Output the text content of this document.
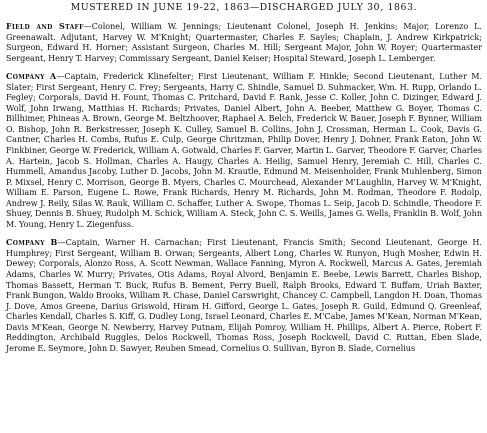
MUSTERED IN JUNE 19-22, 1863—DISCHARGED JULY 30, 1863.

Field and Staff—Colonel, William W. Jennings; Lieutenant Colonel, Joseph H. Jenkins; Major, Lorenzo L. Greenawalt. Adjutant, Harvey W. M'Knight; Quartermaster, Charles F. Sayles; Chaplain, J. Andrew Kirkpatrick; Surgeon, Edward H. Horner; Assistant Surgeon, Charles M. Hill; Sergeant Major, John W. Royer; Quartermaster Sergeant, Henry T. Harvey; Commissary Sergeant, Daniel Keiser; Hospital Steward, Joseph L. Lemberger.

Company A—Captain, Frederick Klinefelter; First Lieutenant, William F. Hinkle; Second Lieutenant, Luther M. Slater; First Sergeant, Henry C. Frey; Sergeants, Harry C. Shindle, Samuel D. Suhmacker, Wm. H. Rupp, Orlando L. Fegley; Corporals, David H. Fount, Thomas C. Pritchard, David F. Rank, Jesse C. Koller, John C. Dizinger, Edward J. Wolf, John Irwang, Matthias H. Richards; Privates, Daniel Albert, John A. Beeber, Matthew G. Boyer, Thomas C. Billhimer, Phineas A. Brown, George M. Beltzhoover, Raphael A. Belch, Frederick W. Bauer, Joseph F. Bynner, William O. Bishop, John R. Berkstresser, Joseph K. Culley, Samuel B. Collins, John J. Crossman, Herman L. Cook, Davis G. Cantner, Charles H. Combs, Rufus E. Culp, George Chritzman, Philip Dover, Henry J. Dohner, Frank Eaton, John W. Finkbiner, George W. Frederick, William A. Gotwald, Charles F. Garver, Martin L. Garver, Theodore F. Garver, Charles A. Hartein, Jacob S. Hollman, Charles A. Haugy, Charles A. Heilig, Samuel Henry, Jeremiah C. Hill, Charles C. Hummell, Amandus Jacoby, Luther D. Jacobs, John M. Krautle, Edmund M. Meisenholder, Frank Muhlenberg, Simon P. Mixsel, Henry C. Morrison, George B. Myers, Charles C. Mourchead, Alexander M'Laughlin, Harvey W. M'Knight, William E. Parson, Eugene L. Rowe, Frank Richards, Henry M. Richards, John M. Rodman, Theodore F. Rodolp, Andrew J. Reily, Silas W. Rauk, William C. Schaffer, Luther A. Swope, Thomas L. Seip, Jacob D. Schindle, Theodore F. Shuey, Dennis B. Shuey, Rudolph M. Schick, William A. Steck, John C. S. Weills, James G. Wells, Franklin B. Wolf, John M. Young, Henry L. Ziegenfuss.

Company B—Captain, Warner H. Carnachan; First Lieutenant, Francis Smith; Second Lieutenant, George H. Humphrey; First Sergeant, William B. Orwan; Sergeants, Albert Long, Charles W. Runyon, Hugh Mosher, Edwin H. Dewey; Corporals, Alonzo Ross, A. Scott Newman, Wallace Fanning, Myron A. Rockwell, Marcus A. Gates, Jeremiah Adams, Charles W. Murry; Privates, Otis Adams, Royal Alvord, Benjamin E. Beebe, Lewis Barrett, Charles Bishop, Thomas Bassett, Herman T. Buck, Rufus B. Bement, Perry Buell, Ralph Brooks, Edward T. Buffam, Uriah Baxter, Frank Bungon, Waldo Brooks, William R. Chase, Daniel Carswright, Chancey C. Campbell, Langdon H. Doan, Thomas J. Dove, Amos Greene, Darius Griswold, Hiram H. Gifford, George L. Gates, Joseph R. Guild, Edmund Q. Greenleaf, Charles Kendall, Charles S. Kiff, G. Dudley Long, Israel Leonard, Charles E. M'Cabe, James M'Kean, Norman M'Kean, Davis M'Kean, George N. Newberry, Harvey Putnam, Elijah Pomroy, William H. Phillips, Albert A. Pierce, Robert F. Reddington, Archibald Ruggles, Delos Rockwell, Thomas Ross, Joseph Rockwell, David C. Ruttan, Eben Slade, Jerome E. Seymore, John D. Sawyer, Reuben Smead, Cornelius O. Sullivan, Byron B. Slade, Cornelius
